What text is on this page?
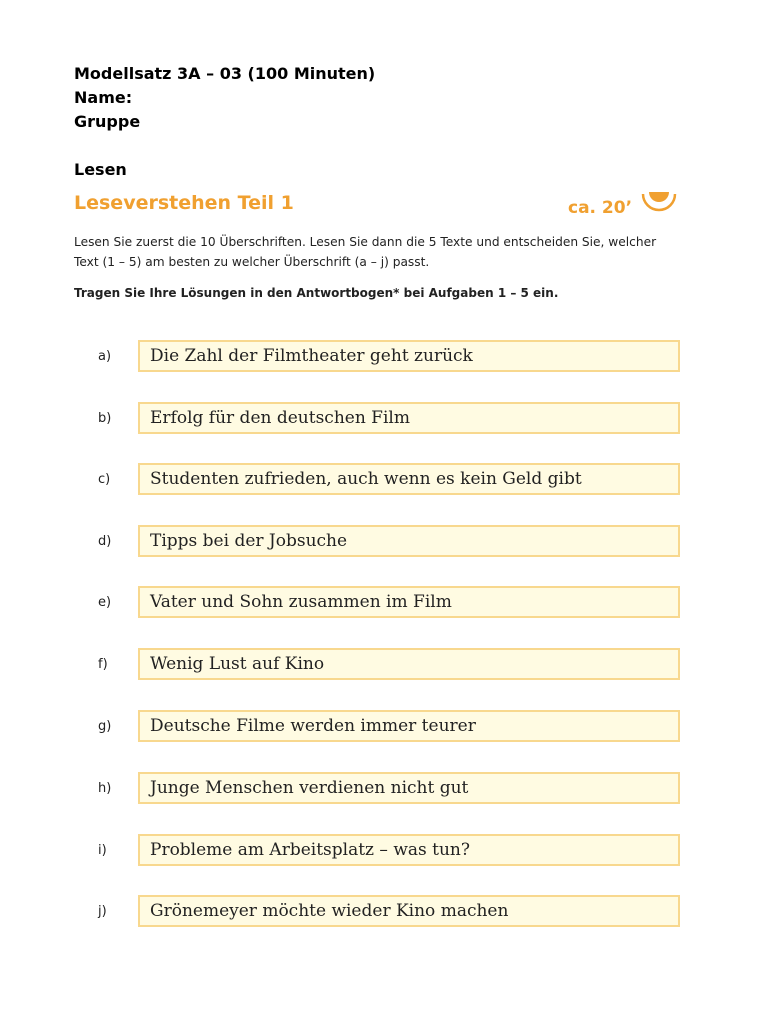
Modellsatz 3A – 03 (100 Minuten)
Name:
Gruppe
Lesen
Leseverstehen Teil 1	ca. 20’
Lesen Sie zuerst die 10 Überschriften. Lesen Sie dann die 5 Texte und entscheiden Sie, welcher Text (1 – 5) am besten zu welcher Überschrift (a – j) passt.
Tragen Sie Ihre Lösungen in den Antwortbogen* bei Aufgaben 1 – 5 ein.
a)	Die Zahl der Filmtheater geht zurück
b)	Erfolg für den deutschen Film
c)	Studenten zufrieden, auch wenn es kein Geld gibt
d)	Tipps bei der Jobsuche
e)	Vater und Sohn zusammen im Film
f)	Wenig Lust auf Kino
g)	Deutsche Filme werden immer teurer
h)	Junge Menschen verdienen nicht gut
i)	Probleme am Arbeitsplatz – was tun?
j)	Grönemeyer möchte wieder Kino machen
